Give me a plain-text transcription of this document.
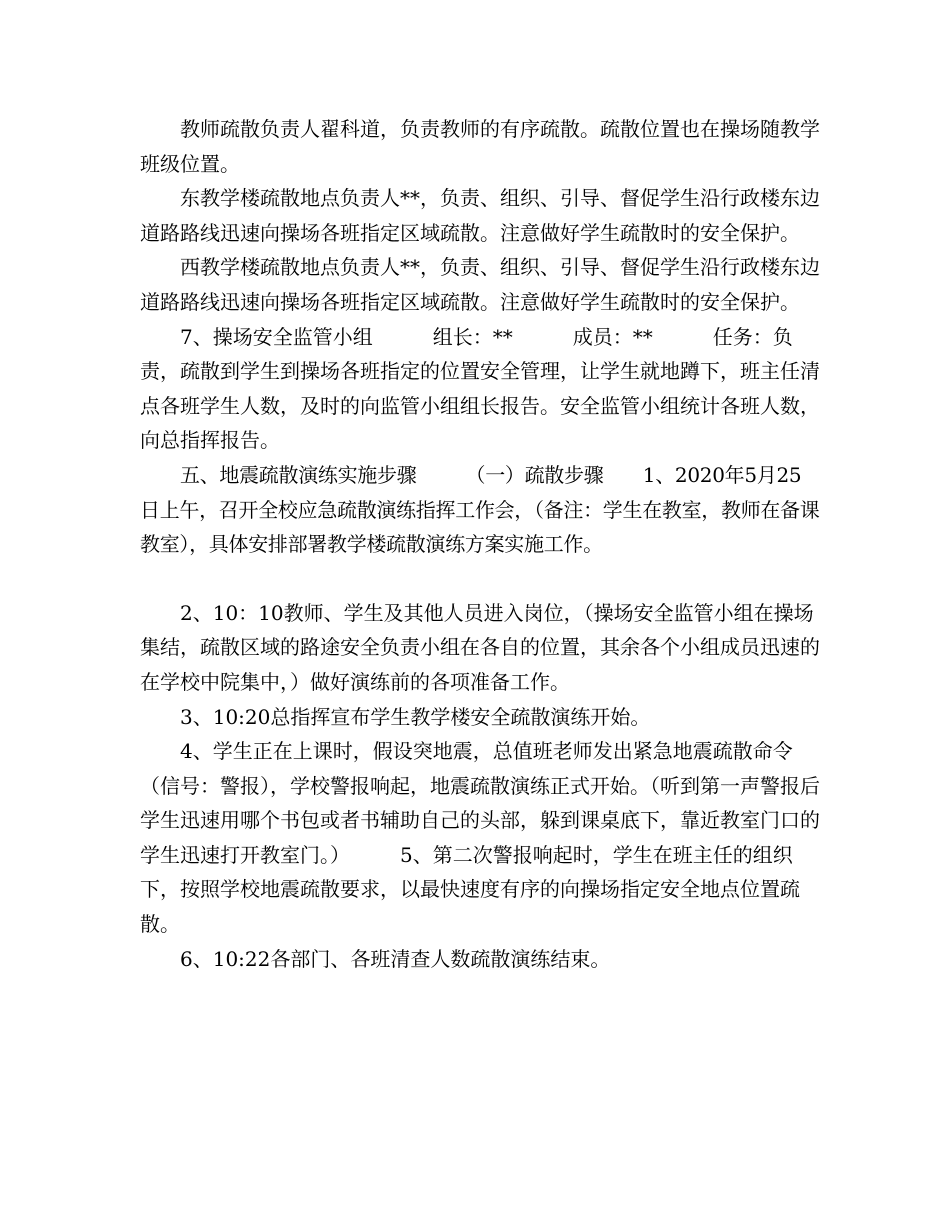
教师疏散负责人翟科道，负责教师的有序疏散。疏散位置也在操场随教学班级位置。

东教学楼疏散地点负责人**，负责、组织、引导、督促学生沿行政楼东边道路路线迅速向操场各班指定区域疏散。注意做好学生疏散时的安全保护。

西教学楼疏散地点负责人**，负责、组织、引导、督促学生沿行政楼东边道路路线迅速向操场各班指定区域疏散。注意做好学生疏散时的安全保护。

7、操场安全监管小组　　　组长：**　　　成员：**　　　任务：负责，疏散到学生到操场各班指定的位置安全管理，让学生就地蹲下，班主任清点各班学生人数，及时的向监管小组组长报告。安全监管小组统计各班人数，向总指挥报告。

五、地震疏散演练实施步骤　　　（一）疏散步骤　　1、2020年5月25日上午，召开全校应急疏散演练指挥工作会，（备注：学生在教室，教师在备课教室），具体安排部署教学楼疏散演练方案实施工作。

2、10：10教师、学生及其他人员进入岗位，（操场安全监管小组在操场集结，疏散区域的路途安全负责小组在各自的位置，其余各个小组成员迅速的在学校中院集中，）做好演练前的各项准备工作。

3、10:20总指挥宣布学生教学楼安全疏散演练开始。

4、学生正在上课时，假设突地震，总值班老师发出紧急地震疏散命令（信号：警报），学校警报响起，地震疏散演练正式开始。（听到第一声警报后学生迅速用哪个书包或者书辅助自己的头部，躲到课桌底下，靠近教室门口的学生迅速打开教室门。）　　　5、第二次警报响起时，学生在班主任的组织下，按照学校地震疏散要求，以最快速度有序的向操场指定安全地点位置疏散。

6、10:22各部门、各班清查人数疏散演练结束。
